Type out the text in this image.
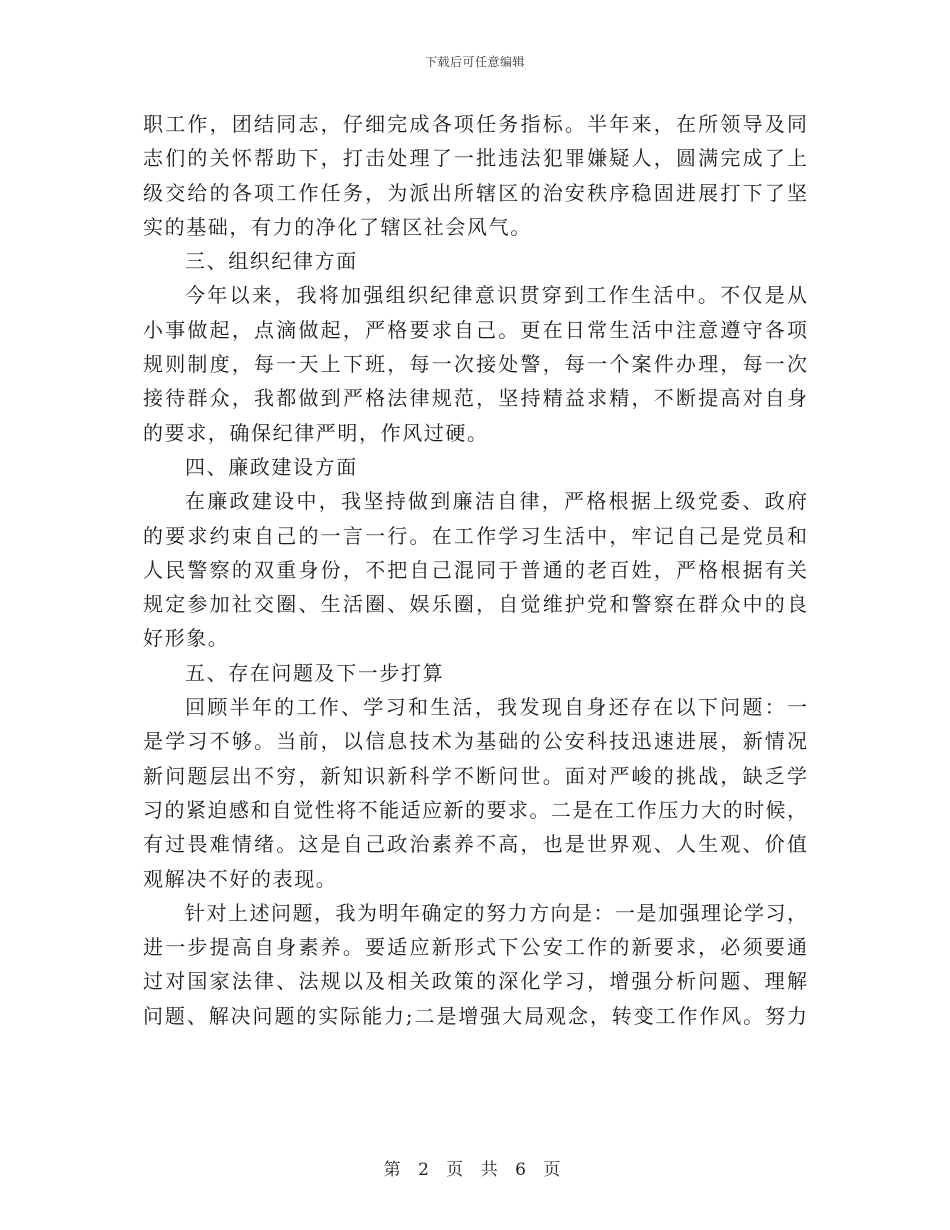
下载后可任意编辑
职工作，团结同志，仔细完成各项任务指标。半年来，在所领导及同
志们的关怀帮助下，打击处理了一批违法犯罪嫌疑人，圆满完成了上
级交给的各项工作任务，为派出所辖区的治安秩序稳固进展打下了坚
实的基础，有力的净化了辖区社会风气。
三、组织纪律方面
今年以来，我将加强组织纪律意识贯穿到工作生活中。不仅是从
小事做起，点滴做起，严格要求自己。更在日常生活中注意遵守各项
规则制度，每一天上下班，每一次接处警，每一个案件办理，每一次
接待群众，我都做到严格法律规范，坚持精益求精，不断提高对自身
的要求，确保纪律严明，作风过硬。
四、廉政建设方面
在廉政建设中，我坚持做到廉洁自律，严格根据上级党委、政府
的要求约束自己的一言一行。在工作学习生活中，牢记自己是党员和
人民警察的双重身份，不把自己混同于普通的老百姓，严格根据有关
规定参加社交圈、生活圈、娱乐圈，自觉维护党和警察在群众中的良
好形象。
五、存在问题及下一步打算
回顾半年的工作、学习和生活，我发现自身还存在以下问题：一
是学习不够。当前，以信息技术为基础的公安科技迅速进展，新情况
新问题层出不穷，新知识新科学不断问世。面对严峻的挑战，缺乏学
习的紧迫感和自觉性将不能适应新的要求。二是在工作压力大的时候，
有过畏难情绪。这是自己政治素养不高，也是世界观、人生观、价值
观解决不好的表现。
针对上述问题，我为明年确定的努力方向是：一是加强理论学习，
进一步提高自身素养。要适应新形式下公安工作的新要求，必须要通
过对国家法律、法规以及相关政策的深化学习，增强分析问题、理解
问题、解决问题的实际能力;二是增强大局观念，转变工作作风。努力
第 2 页 共 6 页
